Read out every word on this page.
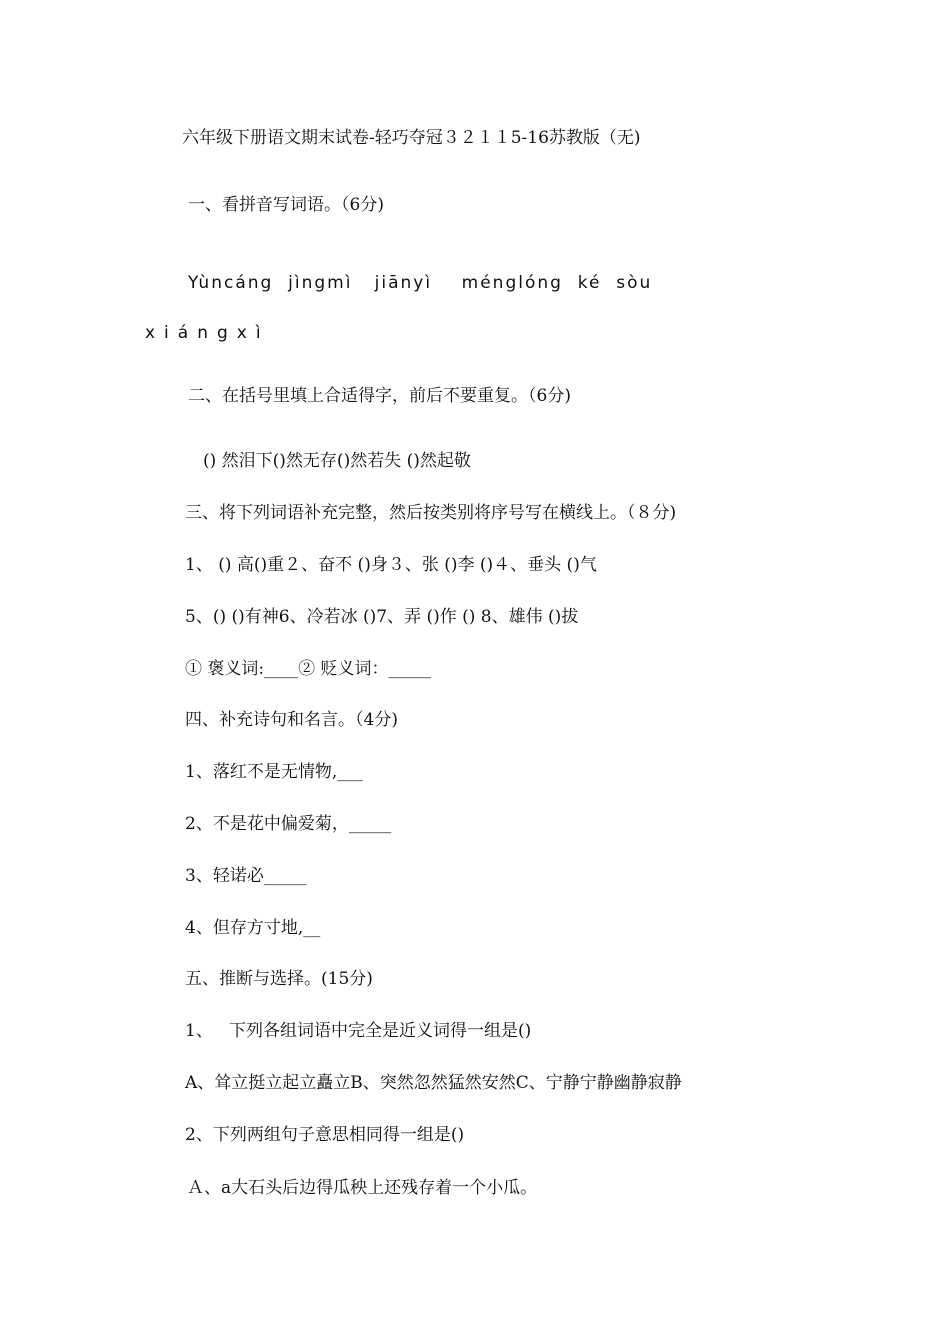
六年级下册语文期末试卷-轻巧夺冠３２１１5-16苏教版（无)
一、看拼音写词语。（6分)
Yùncáng  jìngmì   jiānyì    ménglóng  ké  sòu
xiángxì
二、在括号里填上合适得字，前后不要重复。（6分)
() 然泪下()然无存()然若失 ()然起敬
三、将下列词语补充完整，然后按类别将序号写在横线上。（８分)
1、 () 高()重２、奋不 ()身３、张 ()李 ()４、垂头 ()气
5、() ()有神6、冷若冰 ()7、弄 ()作 () 8、雄伟 ()拔
① 褒义词:____② 贬义词：_____
四、补充诗句和名言。（4分)
1、落红不是无情物,___
2、不是花中偏爱菊，_____
3、轻诺必_____
4、但存方寸地,__
五、推断与选择。(15分)
1、   下列各组词语中完全是近义词得一组是()
A、耸立挺立起立矗立B、突然忽然猛然安然C、宁静宁静幽静寂静
2、下列两组句子意思相同得一组是()
Ａ、a大石头后边得瓜秧上还残存着一个小瓜。
